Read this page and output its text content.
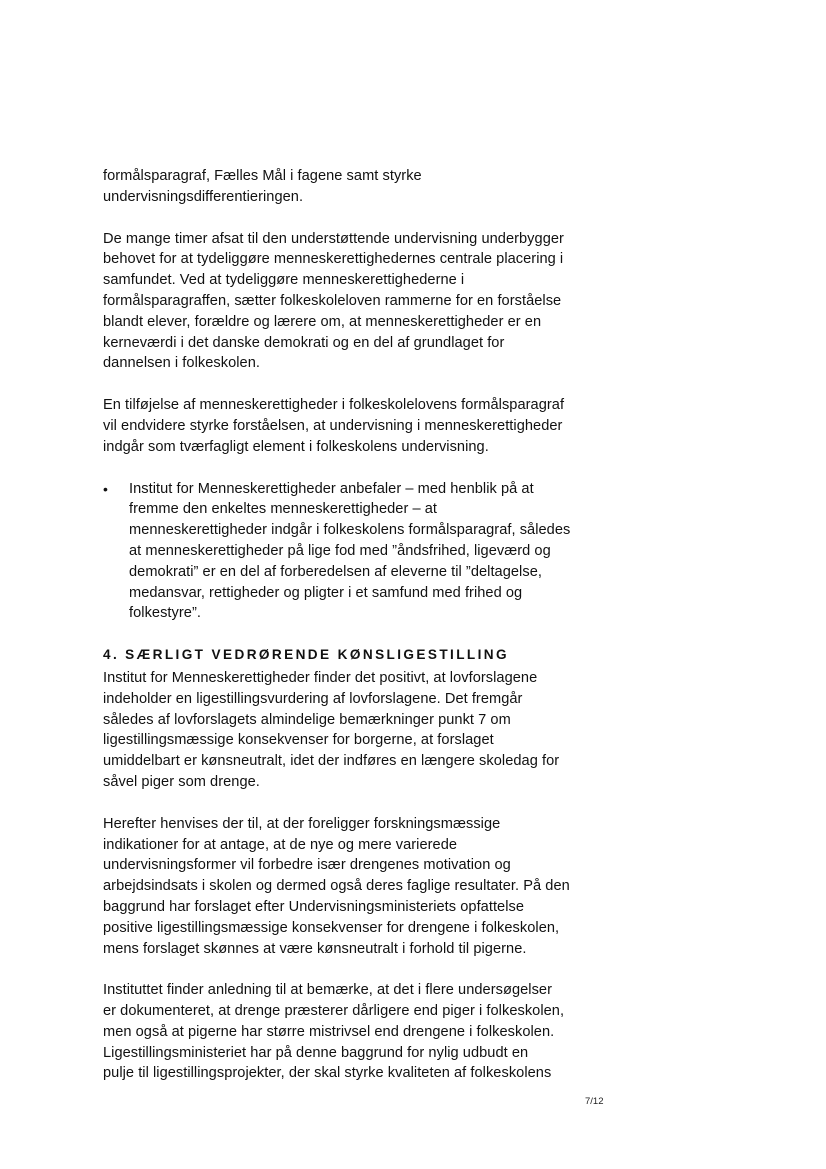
formålsparagraf, Fælles Mål i fagene samt styrke
undervisningsdifferentieringen.

De mange timer afsat til den understøttende undervisning underbygger
behovet for at tydeliggøre menneskerettighedernes centrale placering i
samfundet. Ved at tydeliggøre menneskerettighederne i
formålsparagraffen, sætter folkeskoleloven rammerne for en forståelse
blandt elever, forældre og lærere om, at menneskerettigheder er en
kerneværdi i det danske demokrati og en del af grundlaget for
dannelsen i folkeskolen.

En tilføjelse af menneskerettigheder i folkeskolelovens formålsparagraf
vil endvidere styrke forståelsen, at undervisning i menneskerettigheder
indgår som tværfagligt element i folkeskolens undervisning.

•	Institut for Menneskerettigheder anbefaler – med henblik på at
fremme den enkeltes menneskerettigheder – at
menneskerettigheder indgår i folkeskolens formålsparagraf, således
at menneskerettigheder på lige fod med ”åndsfrihed, ligeværd og
demokrati” er en del af forberedelsen af eleverne til ”deltagelse,
medansvar, rettigheder og pligter i et samfund med frihed og
folkestyre”.
4. SÆRLIGT VEDRØRENDE KØNSLIGESTILLING

Institut for Menneskerettigheder finder det positivt, at lovforslagene
indeholder en ligestillingsvurdering af lovforslagene. Det fremgår
således af lovforslagets almindelige bemærkninger punkt 7 om
ligestillingsmæssige konsekvenser for borgerne, at forslaget
umiddelbart er kønsneutralt, idet der indføres en længere skoledag for
såvel piger som drenge.

Herefter henvises der til, at der foreligger forskningsmæssige
indikationer for at antage, at de nye og mere varierede
undervisningsformer vil forbedre især drengenes motivation og
arbejdsindsats i skolen og dermed også deres faglige resultater. På den
baggrund har forslaget efter Undervisningsministeriets opfattelse
positive ligestillingsmæssige konsekvenser for drengene i folkeskolen,
mens forslaget skønnes at være kønsneutralt i forhold til pigerne.

Instituttet finder anledning til at bemærke, at det i flere undersøgelser
er dokumenteret, at drenge præsterer dårligere end piger i folkeskolen,
men også at pigerne har større mistrivsel end drengene i folkeskolen.
Ligestillingsministeriet har på denne baggrund for nylig udbudt en
pulje til ligestillingsprojekter, der skal styrke kvaliteten af folkeskolens

7/12
